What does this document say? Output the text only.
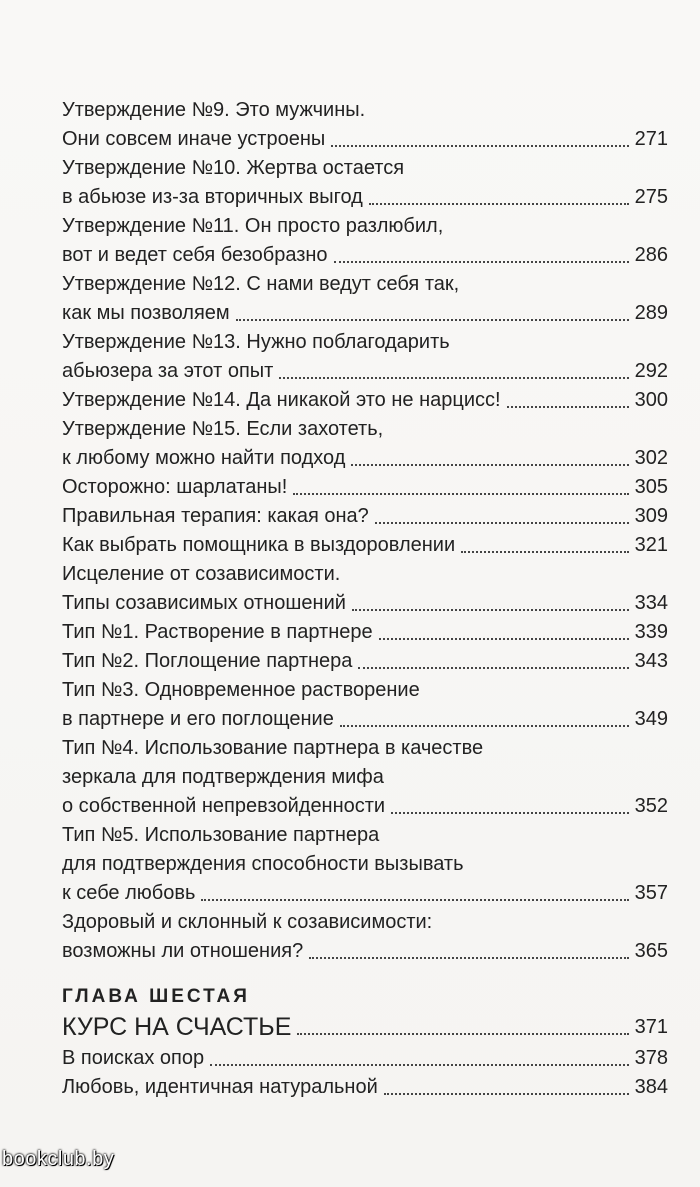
Утверждение №9. Это мужчины.
Они совсем иначе устроены	271
Утверждение №10. Жертва остается
в абьюзе из-за вторичных выгод	275
Утверждение №11. Он просто разлюбил,
вот и ведет себя безобразно	286
Утверждение №12. С нами ведут себя так,
как мы позволяем	289
Утверждение №13. Нужно поблагодарить
абьюзера за этот опыт	292
Утверждение №14. Да никакой это не нарцисс!	300
Утверждение №15. Если захотеть,
к любому можно найти подход	302
Осторожно: шарлатаны!	305
Правильная терапия: какая она?	309
Как выбрать помощника в выздоровлении	321
Исцеление от созависимости.
Типы созависимых отношений	334
Тип №1. Растворение в партнере	339
Тип №2. Поглощение партнера	343
Тип №3. Одновременное растворение
в партнере и его поглощение	349
Тип №4. Использование партнера в качестве
зеркала для подтверждения мифа
о собственной непревзойденности	352
Тип №5. Использование партнера
для подтверждения способности вызывать
к себе любовь	357
Здоровый и склонный к созависимости:
возможны ли отношения?	365
ГЛАВА ШЕСТАЯ
КУРС НА СЧАСТЬЕ	371
В поисках опор	378
Любовь, идентичная натуральной	384
bookclub.by
